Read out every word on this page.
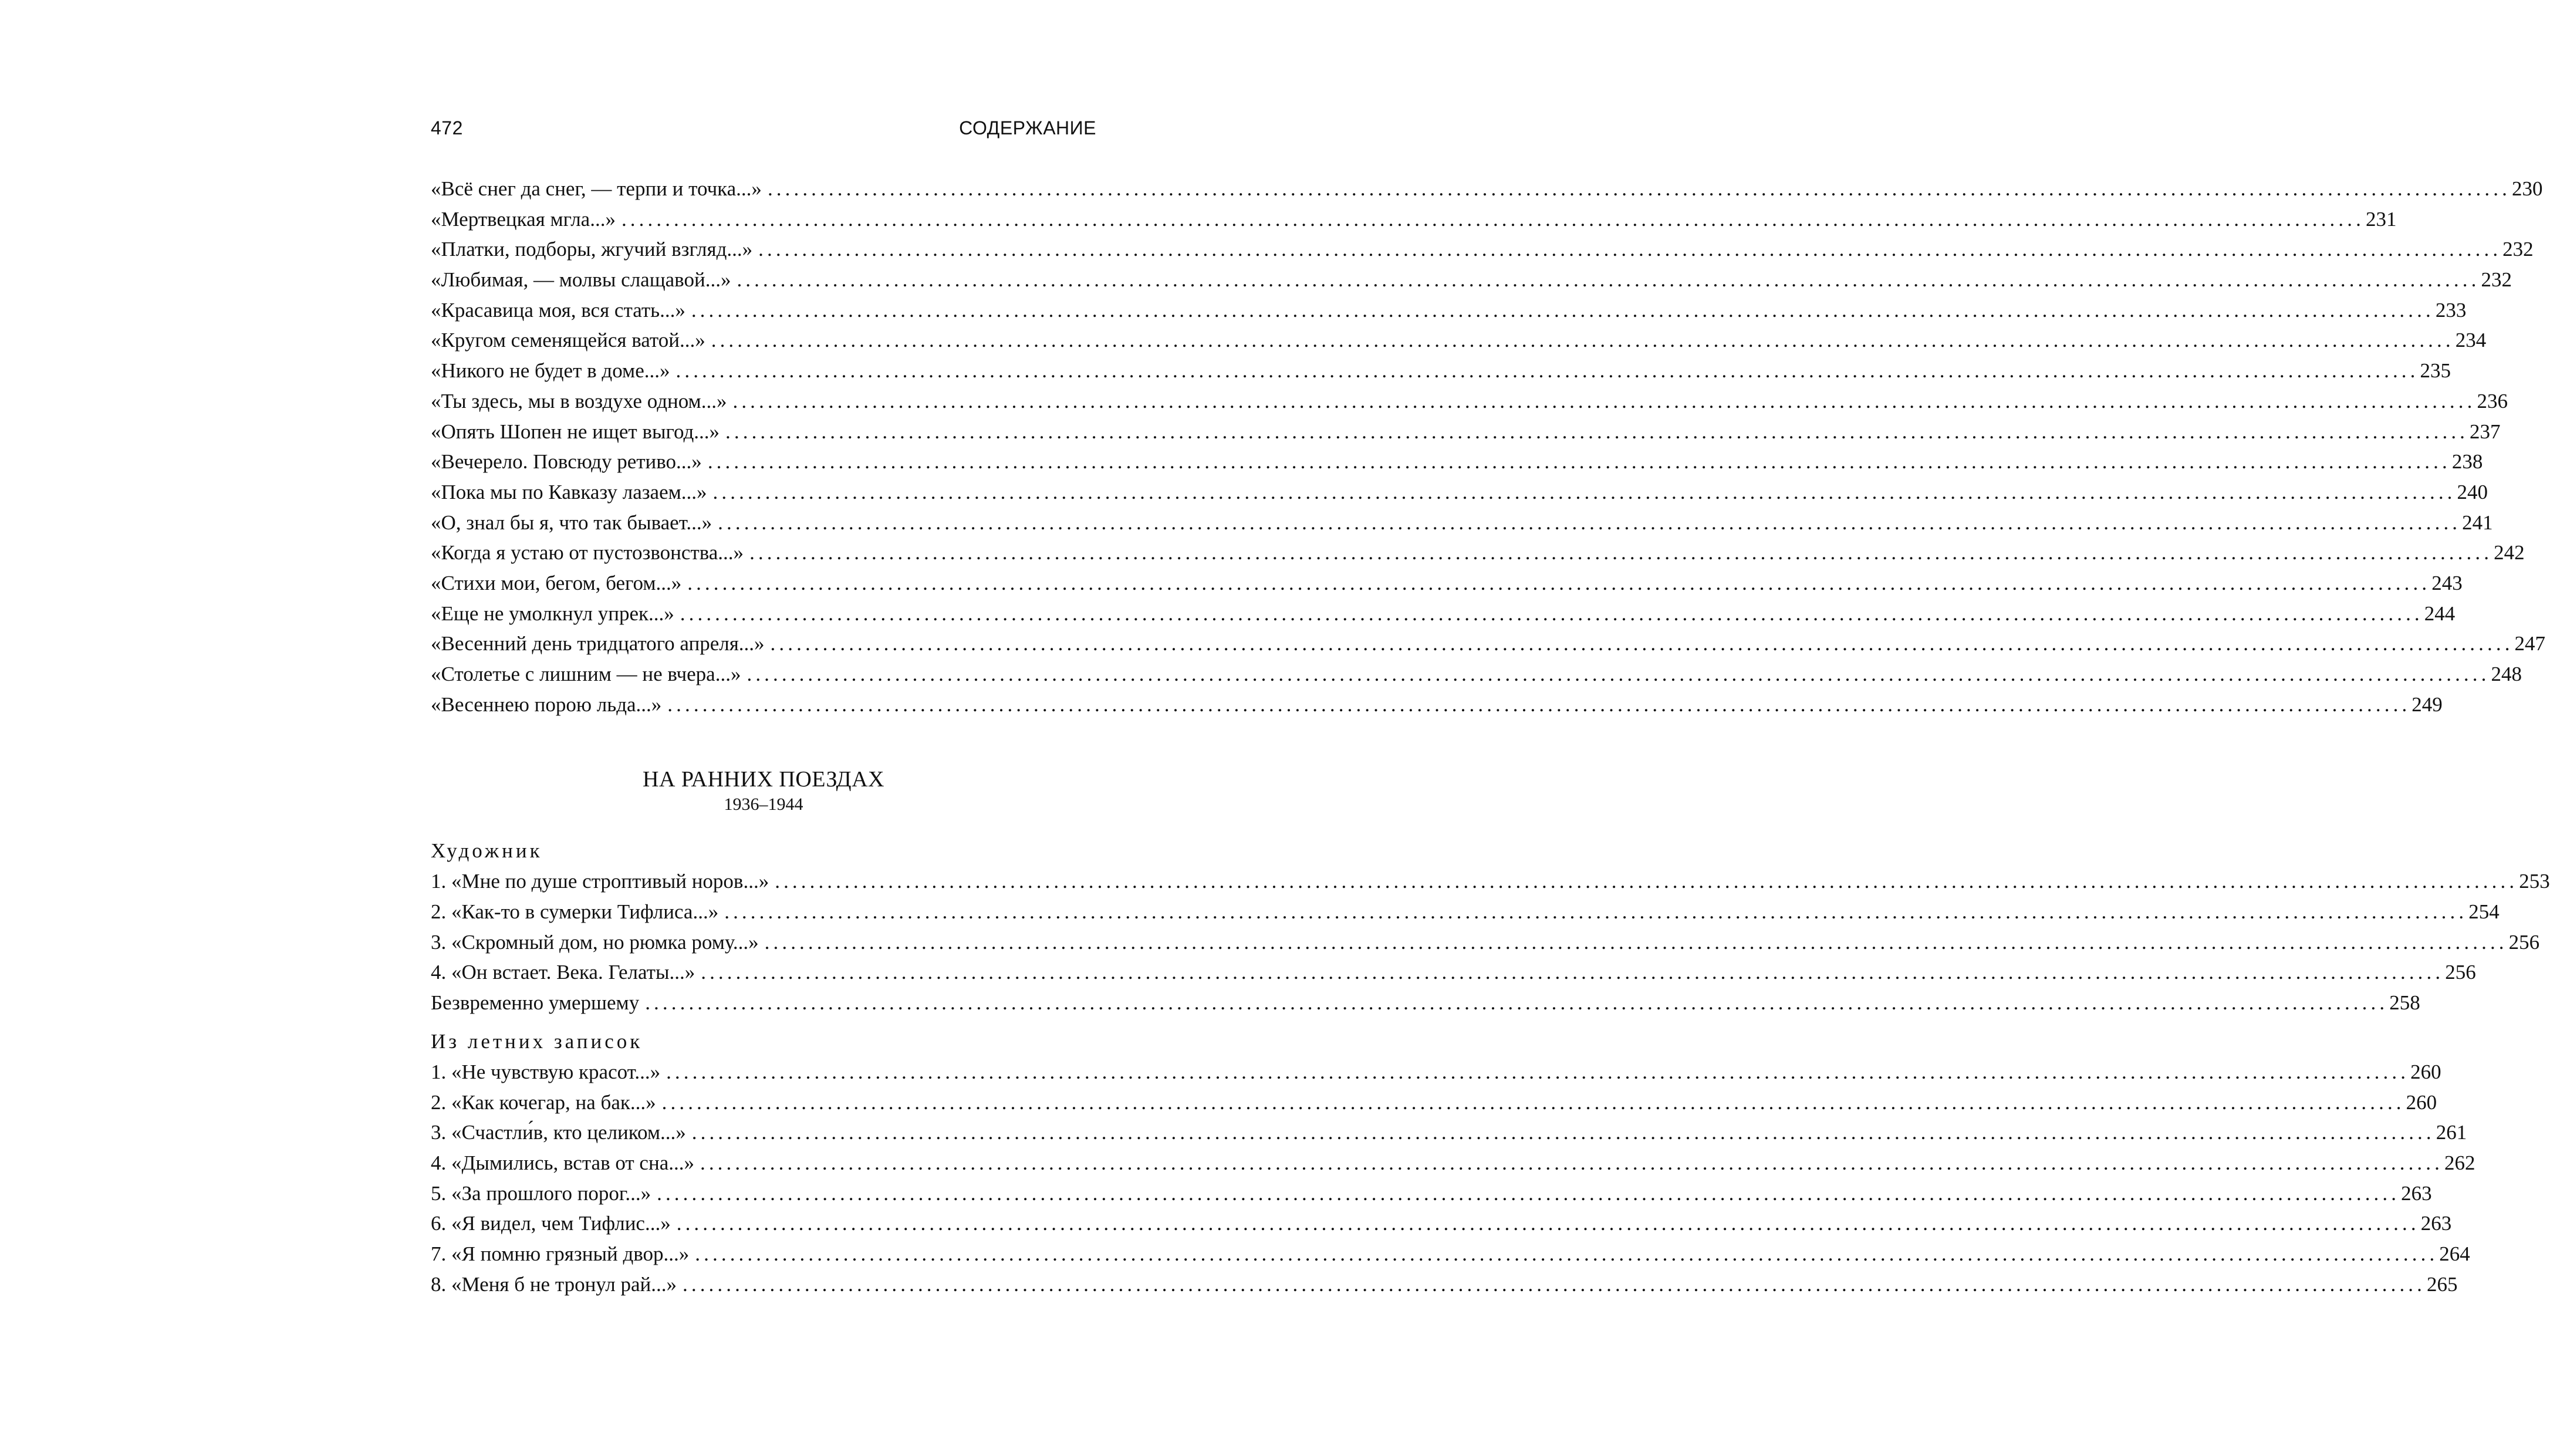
472	СОДЕРЖАНИЕ
«Всё снег да снег, — терпи и точка...» ........................................................................................................................................................................................................ 230
«Мертвецкая мгла...» ........................................................................................................................................................................................................ 231
«Платки, подборы, жгучий взгляд...» ........................................................................................................................................................................................................ 232
«Любимая, — молвы слащавой...» ........................................................................................................................................................................................................ 232
«Красавица моя, вся стать...» ........................................................................................................................................................................................................ 233
«Кругом семенящейся ватой...» ........................................................................................................................................................................................................ 234
«Никого не будет в доме...» ........................................................................................................................................................................................................ 235
«Ты здесь, мы в воздухе одном...» ........................................................................................................................................................................................................ 236
«Опять Шопен не ищет выгод...» ........................................................................................................................................................................................................ 237
«Вечерело. Повсюду ретиво...» ........................................................................................................................................................................................................ 238
«Пока мы по Кавказу лазаем...» ........................................................................................................................................................................................................ 240
«О, знал бы я, что так бывает...» ........................................................................................................................................................................................................ 241
«Когда я устаю от пустозвонства...» ........................................................................................................................................................................................................ 242
«Стихи мои, бегом, бегом...» ........................................................................................................................................................................................................ 243
«Еще не умолкнул упрек...» ........................................................................................................................................................................................................ 244
«Весенний день тридцатого апреля...» ........................................................................................................................................................................................................ 247
«Столетье с лишним — не вчера...» ........................................................................................................................................................................................................ 248
«Весеннею порою льда...» ........................................................................................................................................................................................................ 249
НА РАННИХ ПОЕЗДАХ
1936–1944
Художник
1. «Мне по душе строптивый норов...» ........................................................................................................................................................................................................ 253
2. «Как-то в сумерки Тифлиса...» ........................................................................................................................................................................................................ 254
3. «Скромный дом, но рюмка рому...» ........................................................................................................................................................................................................ 256
4. «Он встает. Века. Гелаты...» ........................................................................................................................................................................................................ 256
Безвременно умершему ........................................................................................................................................................................................................ 258
Из летних записок
1. «Не чувствую красот...» ........................................................................................................................................................................................................ 260
2. «Как кочегар, на бак...» ........................................................................................................................................................................................................ 260
3. «Счастли́в, кто целиком...» ........................................................................................................................................................................................................ 261
4. «Дымились, встав от сна...» ........................................................................................................................................................................................................ 262
5. «За прошлого порог...» ........................................................................................................................................................................................................ 263
6. «Я видел, чем Тифлис...» ........................................................................................................................................................................................................ 263
7. «Я помню грязный двор...» ........................................................................................................................................................................................................ 264
8. «Меня б не тронул рай...» ........................................................................................................................................................................................................ 265
